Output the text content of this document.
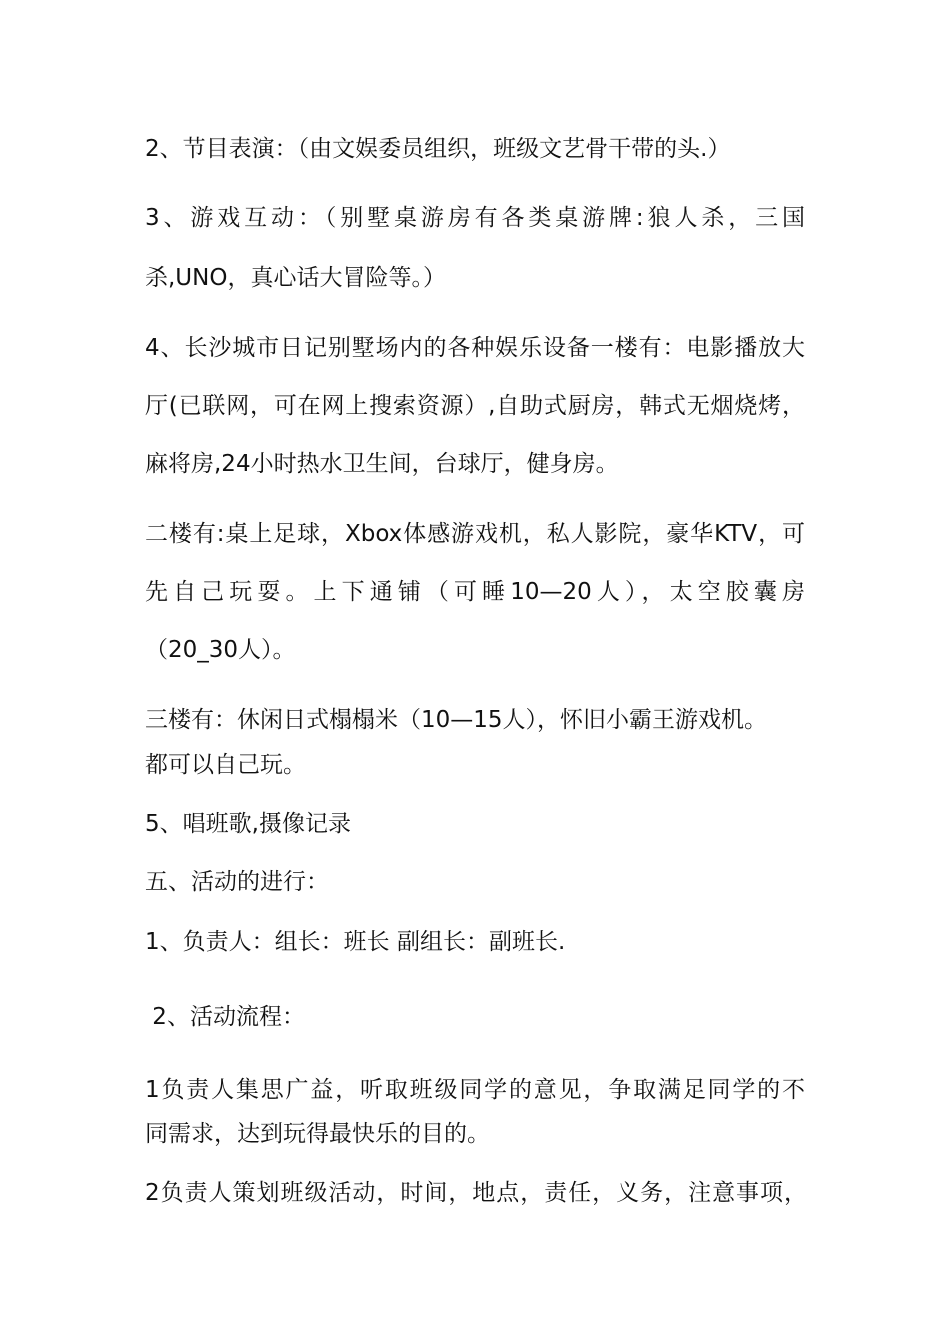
2、节目表演：（由文娱委员组织，班级文艺骨干带的头.）

3、游戏互动：（别墅桌游房有各类桌游牌:狼人杀，三国

杀,UNO，真心话大冒险等。）

4、长沙城市日记别墅场内的各种娱乐设备一楼有：电影播放大

厅(已联网，可在网上搜索资源）,自助式厨房，韩式无烟烧烤，

麻将房,24小时热水卫生间，台球厅，健身房。

二楼有:桌上足球，Xbox体感游戏机，私人影院，豪华KTV，可

先自己玩耍。上下通铺（可睡10—20人），太空胶囊房

（20_30人）。

三楼有：休闲日式榻榻米（10—15人），怀旧小霸王游戏机。

都可以自己玩。

5、唱班歌,摄像记录

五、活动的进行：

1、负责人：组长：班长 副组长：副班长.

2、活动流程：

1负责人集思广益，听取班级同学的意见，争取满足同学的不

同需求，达到玩得最快乐的目的。

2负责人策划班级活动，时间，地点，责任，义务，注意事项，
